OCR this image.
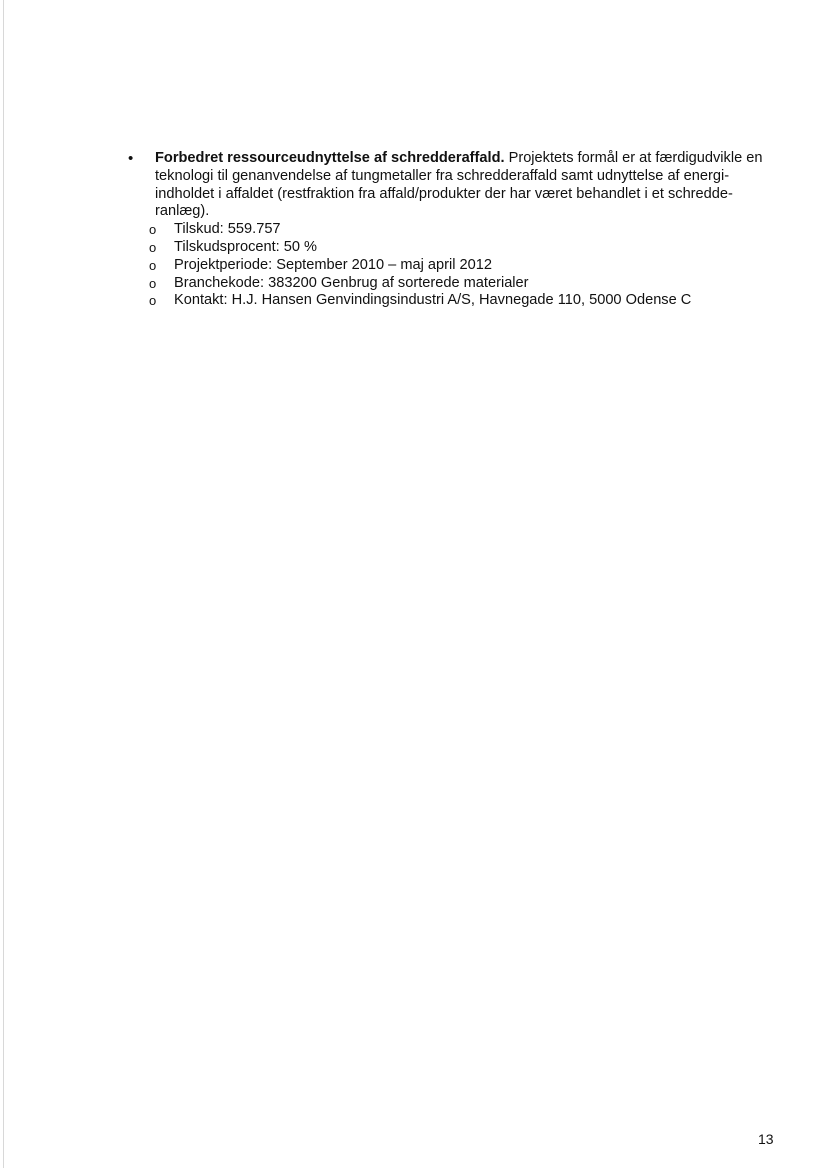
•	Forbedret ressourceudnyttelse af schredderaffald. Projektets formål er at færdigudvikle en teknologi til genanvendelse af tungmetaller fra schredderaffald samt udnyttelse af energi-indholdet i affaldet (restfraktion fra affald/produkter der har været behandlet i et schredde-ranlæg).
o Tilskud: 559.757
o Tilskudsprocent: 50 %
o Projektperiode: September 2010 – maj april 2012
o Branchekode: 383200 Genbrug af sorterede materialer
o Kontakt: H.J. Hansen Genvindingsindustri A/S, Havnegade 110, 5000 Odense C
13
